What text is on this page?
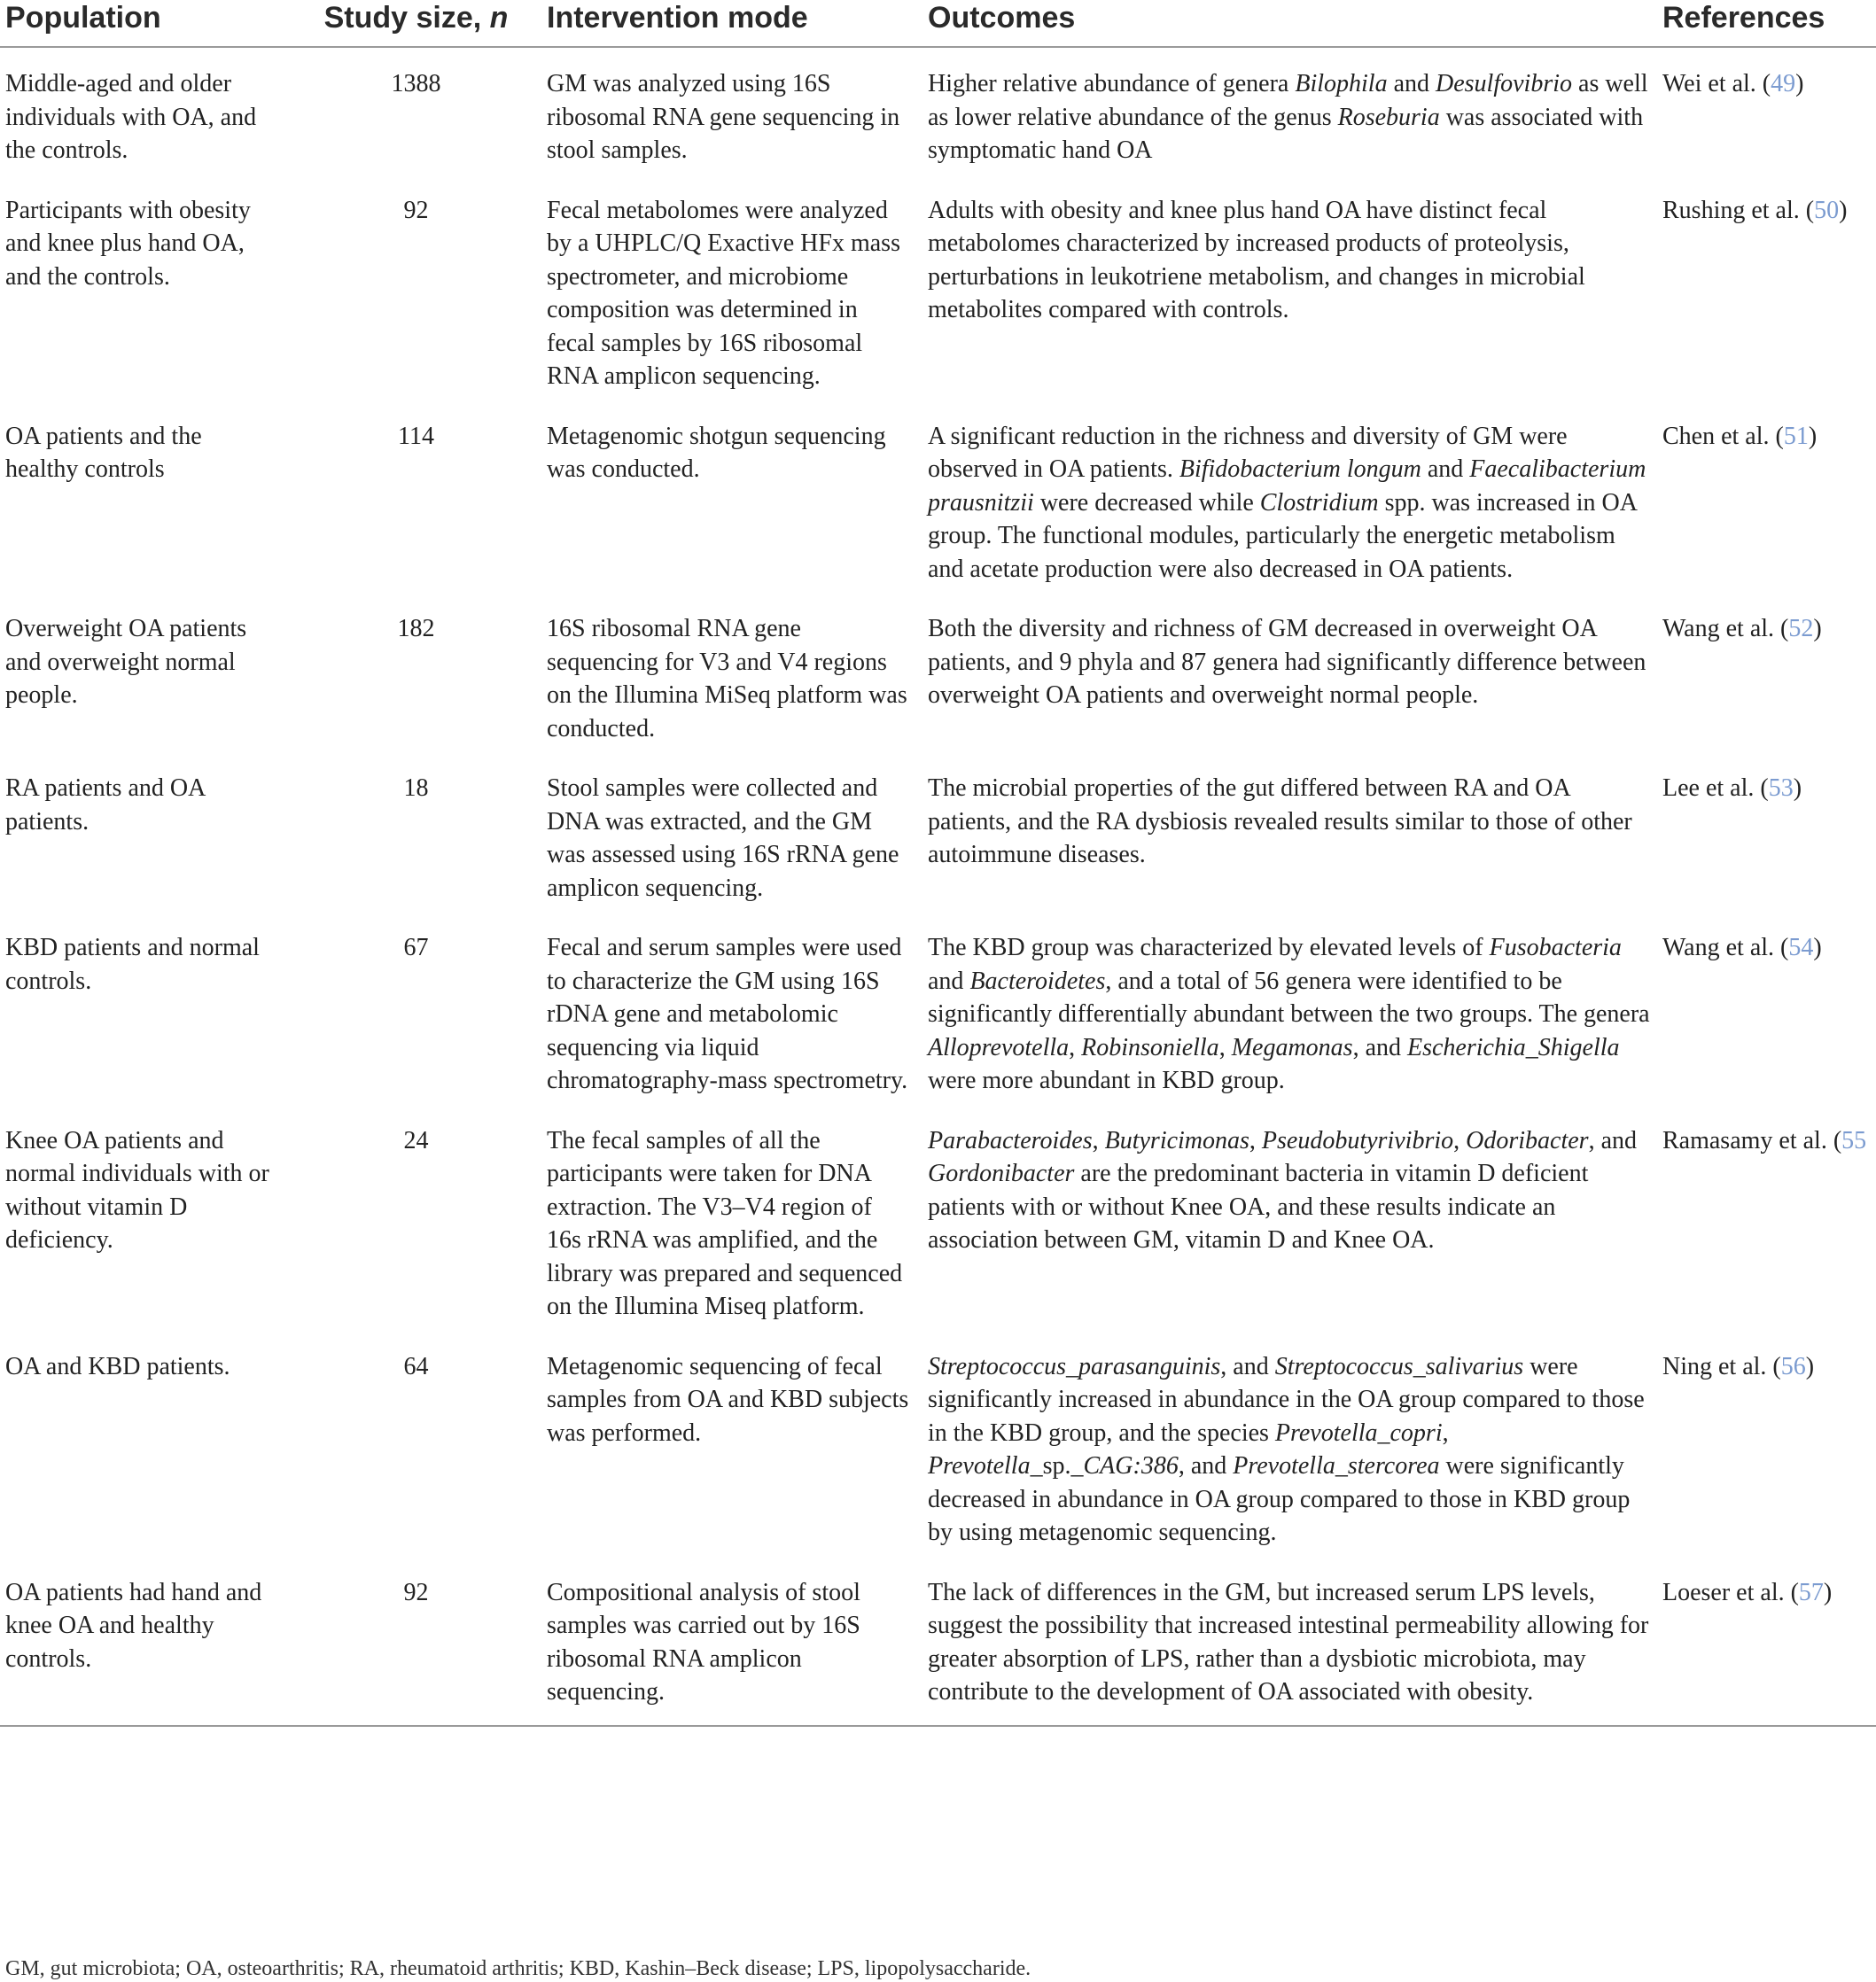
Population	Study size, n	Intervention mode	Outcomes	References
Middle-aged and older individuals with OA, and the controls.	1388	GM was analyzed using 16S ribosomal RNA gene sequencing in stool samples.	Higher relative abundance of genera Bilophila and Desulfovibrio as well as lower relative abundance of the genus Roseburia was associated with symptomatic hand OA	Wei et al. (49)
Participants with obesity and knee plus hand OA, and the controls.	92	Fecal metabolomes were analyzed by a UHPLC/Q Exactive HFx mass spectrometer, and microbiome composition was determined in fecal samples by 16S ribosomal RNA amplicon sequencing.	Adults with obesity and knee plus hand OA have distinct fecal metabolomes characterized by increased products of proteolysis, perturbations in leukotriene metabolism, and changes in microbial metabolites compared with controls.	Rushing et al. (50)
OA patients and the healthy controls	114	Metagenomic shotgun sequencing was conducted.	A significant reduction in the richness and diversity of GM were observed in OA patients. Bifidobacterium longum and Faecalibacterium prausnitzii were decreased while Clostridium spp. was increased in OA group. The functional modules, particularly the energetic metabolism and acetate production were also decreased in OA patients.	Chen et al. (51)
Overweight OA patients and overweight normal people.	182	16S ribosomal RNA gene sequencing for V3 and V4 regions on the Illumina MiSeq platform was conducted.	Both the diversity and richness of GM decreased in overweight OA patients, and 9 phyla and 87 genera had significantly difference between overweight OA patients and overweight normal people.	Wang et al. (52)
RA patients and OA patients.	18	Stool samples were collected and DNA was extracted, and the GM was assessed using 16S rRNA gene amplicon sequencing.	The microbial properties of the gut differed between RA and OA patients, and the RA dysbiosis revealed results similar to those of other autoimmune diseases.	Lee et al. (53)
KBD patients and normal controls.	67	Fecal and serum samples were used to characterize the GM using 16S rDNA gene and metabolomic sequencing via liquid chromatography-mass spectrometry.	The KBD group was characterized by elevated levels of Fusobacteria and Bacteroidetes, and a total of 56 genera were identified to be significantly differentially abundant between the two groups. The genera Alloprevotella, Robinsoniella, Megamonas, and Escherichia_Shigella were more abundant in KBD group.	Wang et al. (54)
Knee OA patients and normal individuals with or without vitamin D deficiency.	24	The fecal samples of all the participants were taken for DNA extraction. The V3–V4 region of 16s rRNA was amplified, and the library was prepared and sequenced on the Illumina Miseq platform.	Parabacteroides, Butyricimonas, Pseudobutyrivibrio, Odoribacter, and Gordonibacter are the predominant bacteria in vitamin D deficient patients with or without Knee OA, and these results indicate an association between GM, vitamin D and Knee OA.	Ramasamy et al. (55
OA and KBD patients.	64	Metagenomic sequencing of fecal samples from OA and KBD subjects was performed.	Streptococcus_parasanguinis, and Streptococcus_salivarius were significantly increased in abundance in the OA group compared to those in the KBD group, and the species Prevotella_copri, Prevotella_sp._CAG:386, and Prevotella_stercorea were significantly decreased in abundance in OA group compared to those in KBD group by using metagenomic sequencing.	Ning et al. (56)
OA patients had hand and knee OA and healthy controls.	92	Compositional analysis of stool samples was carried out by 16S ribosomal RNA amplicon sequencing.	The lack of differences in the GM, but increased serum LPS levels, suggest the possibility that increased intestinal permeability allowing for greater absorption of LPS, rather than a dysbiotic microbiota, may contribute to the development of OA associated with obesity.	Loeser et al. (57)
GM, gut microbiota; OA, osteoarthritis; RA, rheumatoid arthritis; KBD, Kashin–Beck disease; LPS, lipopolysaccharide.
